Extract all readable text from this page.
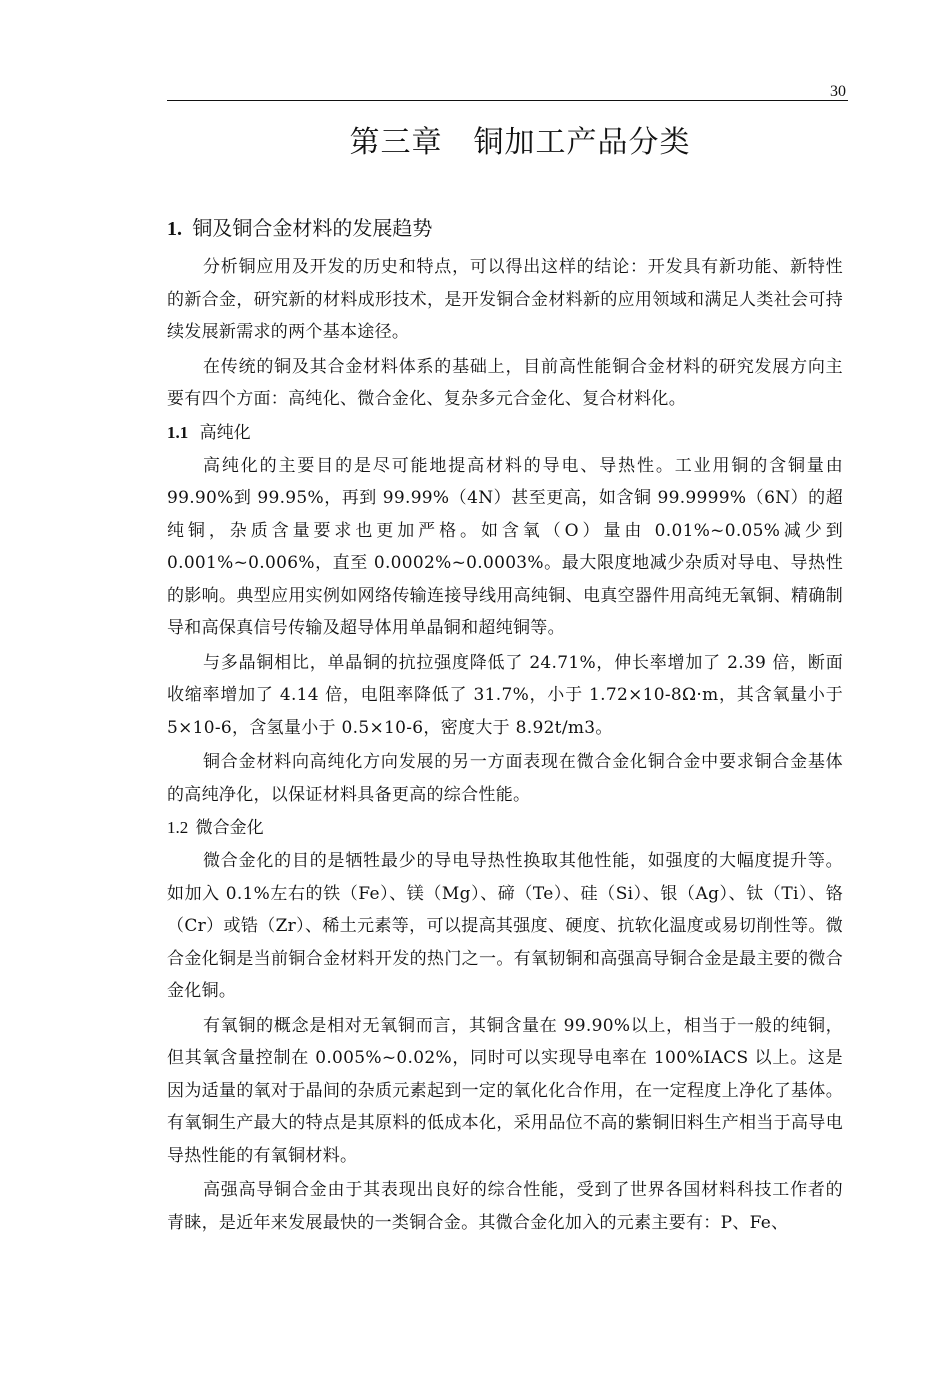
30
第三章　铜加工产品分类
1. 铜及铜合金材料的发展趋势

分析铜应用及开发的历史和特点，可以得出这样的结论：开发具有新功能、新特性的新合金，研究新的材料成形技术，是开发铜合金材料新的应用领域和满足人类社会可持续发展新需求的两个基本途径。

在传统的铜及其合金材料体系的基础上，目前高性能铜合金材料的研究发展方向主要有四个方面：高纯化、微合金化、复杂多元合金化、复合材料化。

1.1 高纯化

高纯化的主要目的是尽可能地提高材料的导电、导热性。工业用铜的含铜量由99.90%到 99.95%，再到 99.99%（4N）甚至更高，如含铜 99.9999%（6N）的超纯铜，杂质含量要求也更加严格。如含氧（O）量由 0.01%~0.05%减少到 0.001%~0.006%，直至 0.0002%~0.0003%。最大限度地减少杂质对导电、导热性的影响。典型应用实例如网络传输连接导线用高纯铜、电真空器件用高纯无氧铜、精确制导和高保真信号传输及超导体用单晶铜和超纯铜等。

与多晶铜相比，单晶铜的抗拉强度降低了 24.71%，伸长率增加了 2.39 倍，断面收缩率增加了 4.14 倍，电阻率降低了 31.7%，小于 1.72×10-8Ω·m，其含氧量小于 5×10-6，含氢量小于 0.5×10-6，密度大于 8.92t/m3。

铜合金材料向高纯化方向发展的另一方面表现在微合金化铜合金中要求铜合金基体的高纯净化，以保证材料具备更高的综合性能。

1.2 微合金化

微合金化的目的是牺牲最少的导电导热性换取其他性能，如强度的大幅度提升等。如加入 0.1%左右的铁（Fe）、镁（Mg）、碲（Te）、硅（Si）、银（Ag）、钛（Ti）、铬（Cr）或锆（Zr）、稀土元素等，可以提高其强度、硬度、抗软化温度或易切削性等。微合金化铜是当前铜合金材料开发的热门之一。有氧韧铜和高强高导铜合金是最主要的微合金化铜。

有氧铜的概念是相对无氧铜而言，其铜含量在 99.90%以上，相当于一般的纯铜，但其氧含量控制在 0.005%~0.02%，同时可以实现导电率在 100%IACS 以上。这是因为适量的氧对于晶间的杂质元素起到一定的氧化化合作用，在一定程度上净化了基体。有氧铜生产最大的特点是其原料的低成本化，采用品位不高的紫铜旧料生产相当于高导电导热性能的有氧铜材料。

高强高导铜合金由于其表现出良好的综合性能，受到了世界各国材料科技工作者的青睐，是近年来发展最快的一类铜合金。其微合金化加入的元素主要有：P、Fe、
